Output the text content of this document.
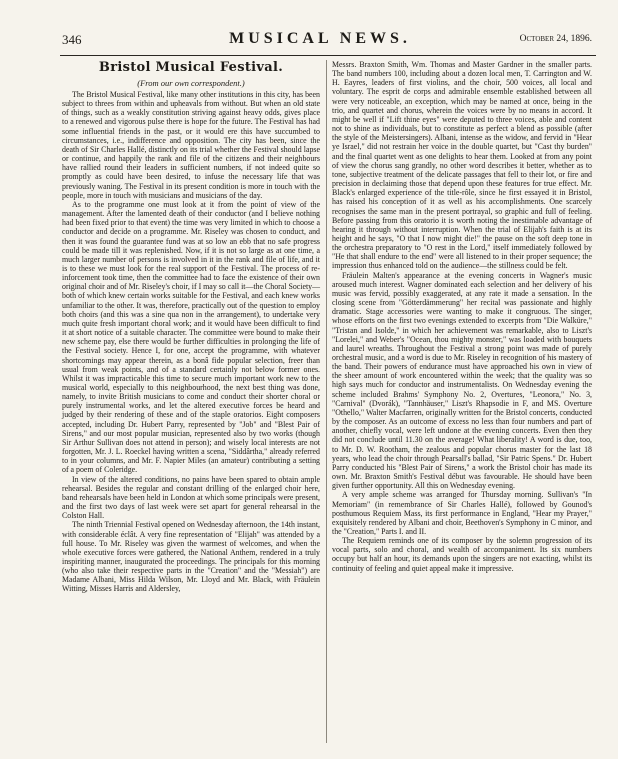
346	MUSICAL NEWS.	October 24, 1896.
Bristol Musical Festival.
(From our own correspondent.)

The Bristol Musical Festival, like many other institutions in this city, has been subject to threes from within and upheavals from without. But when an old state of things, such as a weakly constitution striving against heavy odds, gives place to a renewed and vigorous pulse there is hope for the future. The Festival has had some influential friends in the past, or it would ere this have succumbed to circumstances, i.e., indifference and opposition. The city has been, since the death of Sir Charles Hallé, distinctly on its trial whether the Festival should lapse or continue, and happily the rank and file of the citizens and their neighbours have rallied round their leaders in sufficient numbers, if not indeed quite so promptly as could have been desired, to infuse the necessary life that was previously waning. The Festival in its present condition is more in touch with the people, more in touch with musicians and musicians of the day.

As to the programme one must look at it from the point of view of the management. After the lamented death of their conductor (and I believe nothing had been fixed prior to that event) the time was very limited in which to choose a conductor and decide on a programme. Mr. Riseley was chosen to conduct, and then it was found the guarantee fund was at so low an ebb that no safe progress could be made till it was replenished. Now, if it is not so large as at one time, a much larger number of persons is involved in it in the rank and file of life, and it is to these we must look for the real support of the Festival. The process of re-inforcement took time, then the committee had to face the existence of their own original choir and of Mr. Riseley's choir, if I may so call it—the Choral Society—both of which knew certain works suitable for the Festival, and each knew works unfamiliar to the other. It was, therefore, practically out of the question to employ both choirs (and this was a sine qua non in the arrangement), to undertake very much quite fresh important choral work; and it would have been difficult to find it at short notice of a suitable character. The committee were bound to make their new scheme pay, else there would be further difficulties in prolonging the life of the Festival society. Hence I, for one, accept the programme, with whatever shortcomings may appear therein, as a bonâ fide popular selection, freer than usual from weak points, and of a standard certainly not below former ones. Whilst it was impracticable this time to secure much important work new to the musical world, especially to this neighbourhood, the next best thing was done, namely, to invite British musicians to come and conduct their shorter choral or purely instrumental works, and let the altered executive forces be heard and judged by their rendering of these and of the staple oratorios. Eight composers accepted, including Dr. Hubert Parry, represented by "Job" and "Blest Pair of Sirens," and our most popular musician, represented also by two works (though Sir Arthur Sullivan does not attend in person); and wisely local interests are not forgotten, Mr. J. L. Roeckel having written a scena, "Siddârtha," already referred to in your columns, and Mr. F. Napier Miles (an amateur) contributing a setting of a poem of Coleridge.

In view of the altered conditions, no pains have been spared to obtain ample rehearsal. Besides the regular and constant drilling of the enlarged choir here, band rehearsals have been held in London at which some principals were present, and the first two days of last week were set apart for general rehearsal in the Colston Hall.

The ninth Triennial Festival opened on Wednesday afternoon, the 14th instant, with considerable éclât. A very fine representation of "Elijah" was attended by a full house. To Mr. Riseley was given the warmest of welcomes, and when the whole executive forces were gathered, the National Anthem, rendered in a truly inspiriting manner, inaugurated the proceedings. The principals for this morning (who also take their respective parts in the "Creation" and the "Messiah") are Madame Albani, Miss Hilda Wilson, Mr. Lloyd and Mr. Black, with Fräulein Witting, Misses Harris and Aldersley,

Messrs. Braxton Smith, Wm. Thomas and Master Gardner in the smaller parts. The band numbers 100, including about a dozen local men, T. Carrington and W. H. Eayres, leaders of first violins, and the choir, 500 voices, all local and voluntary. The esprit de corps and admirable ensemble established between all were very noticeable, an exception, which may be named at once, being in the trio, and quartet and chorus, wherein the voices were by no means in accord. It might be well if "Lift thine eyes" were deputed to three voices, able and content not to shine as individuals, but to constitute as perfect a blend as possible (after the style of the Meistersingers). Albani, intense as the widow, and fervid in "Hear ye Israel," did not restrain her voice in the double quartet, but "Cast thy burden" and the final quartet went as one delights to hear them. Looked at from any point of view the chorus sang grandly, no other word describes it better, whether as to tone, subjective treatment of the delicate passages that fell to their lot, or fire and precision in declaiming those that depend upon these features for true effect. Mr. Black's enlarged experience of the title-rôle, since he first essayed it in Bristol, has raised his conception of it as well as his accomplishments. One scarcely recognises the same man in the present portrayal, so graphic and full of feeling. Before passing from this oratorio it is worth noting the inestimable advantage of hearing it through without interruption. When the trial of Elijah's faith is at its height and he says, "O that I now might die!" the pause on the soft deep tone in the orchestra preparatory to "O rest in the Lord," itself immediately followed by "He that shall endure to the end" were all listened to in their proper sequence; the impression thus enhanced told on the audience—the stillness could be felt.

Fräulein Malten's appearance at the evening concerts in Wagner's music aroused much interest. Wagner dominated each selection and her delivery of his music was fervid, possibly exaggerated, at any rate it made a sensation. In the closing scene from "Götterdämmerung" her recital was passionate and highly dramatic. Stage accessories were wanting to make it congruous. The singer, whose efforts on the first two evenings extended to excerpts from "Die Walküre," "Tristan and Isolde," in which her achievement was remarkable, also to Liszt's "Lorelei," and Weber's "Ocean, thou mighty monster," was loaded with bouquets and laurel wreaths. Throughout the Festival a strong point was made of purely orchestral music, and a word is due to Mr. Riseley in recognition of his mastery of the band. Their powers of endurance must have approached his own in view of the sheer amount of work encountered within the week; that the quality was so high says much for conductor and instrumentalists. On Wednesday evening the scheme included Brahms' Symphony No. 2, Overtures, "Leonora," No. 3, "Carnival" (Dvorák), "Tannhäuser," Liszt's Rhapsodie in F, and MS. Overture "Othello," Walter Macfarren, originally written for the Bristol concerts, conducted by the composer. As an outcome of excess no less than four numbers and part of another, chiefly vocal, were left undone at the evening concerts. Even then they did not conclude until 11.30 on the average! What liberality! A word is due, too, to Mr. D. W. Rootham, the zealous and popular chorus master for the last 18 years, who lead the choir through Pearsall's ballad, "Sir Patric Spens." Dr. Hubert Parry conducted his "Blest Pair of Sirens," a work the Bristol choir has made its own. Mr. Braxton Smith's Festival début was favourable. He should have been given further opportunity. All this on Wednesday evening.

A very ample scheme was arranged for Thursday morning. Sullivan's "In Memoriam" (in remembrance of Sir Charles Hallé), followed by Gounod's posthumous Requiem Mass, its first performance in England, "Hear my Prayer," exquisitely rendered by Albani and choir, Beethoven's Symphony in C minor, and the "Creation," Parts I. and II.

The Requiem reminds one of its composer by the solemn progression of its vocal parts, solo and choral, and wealth of accompaniment. Its six numbers occupy but half an hour, its demands upon the singers are not exacting, whilst its continuity of feeling and quiet appeal make it impressive.
